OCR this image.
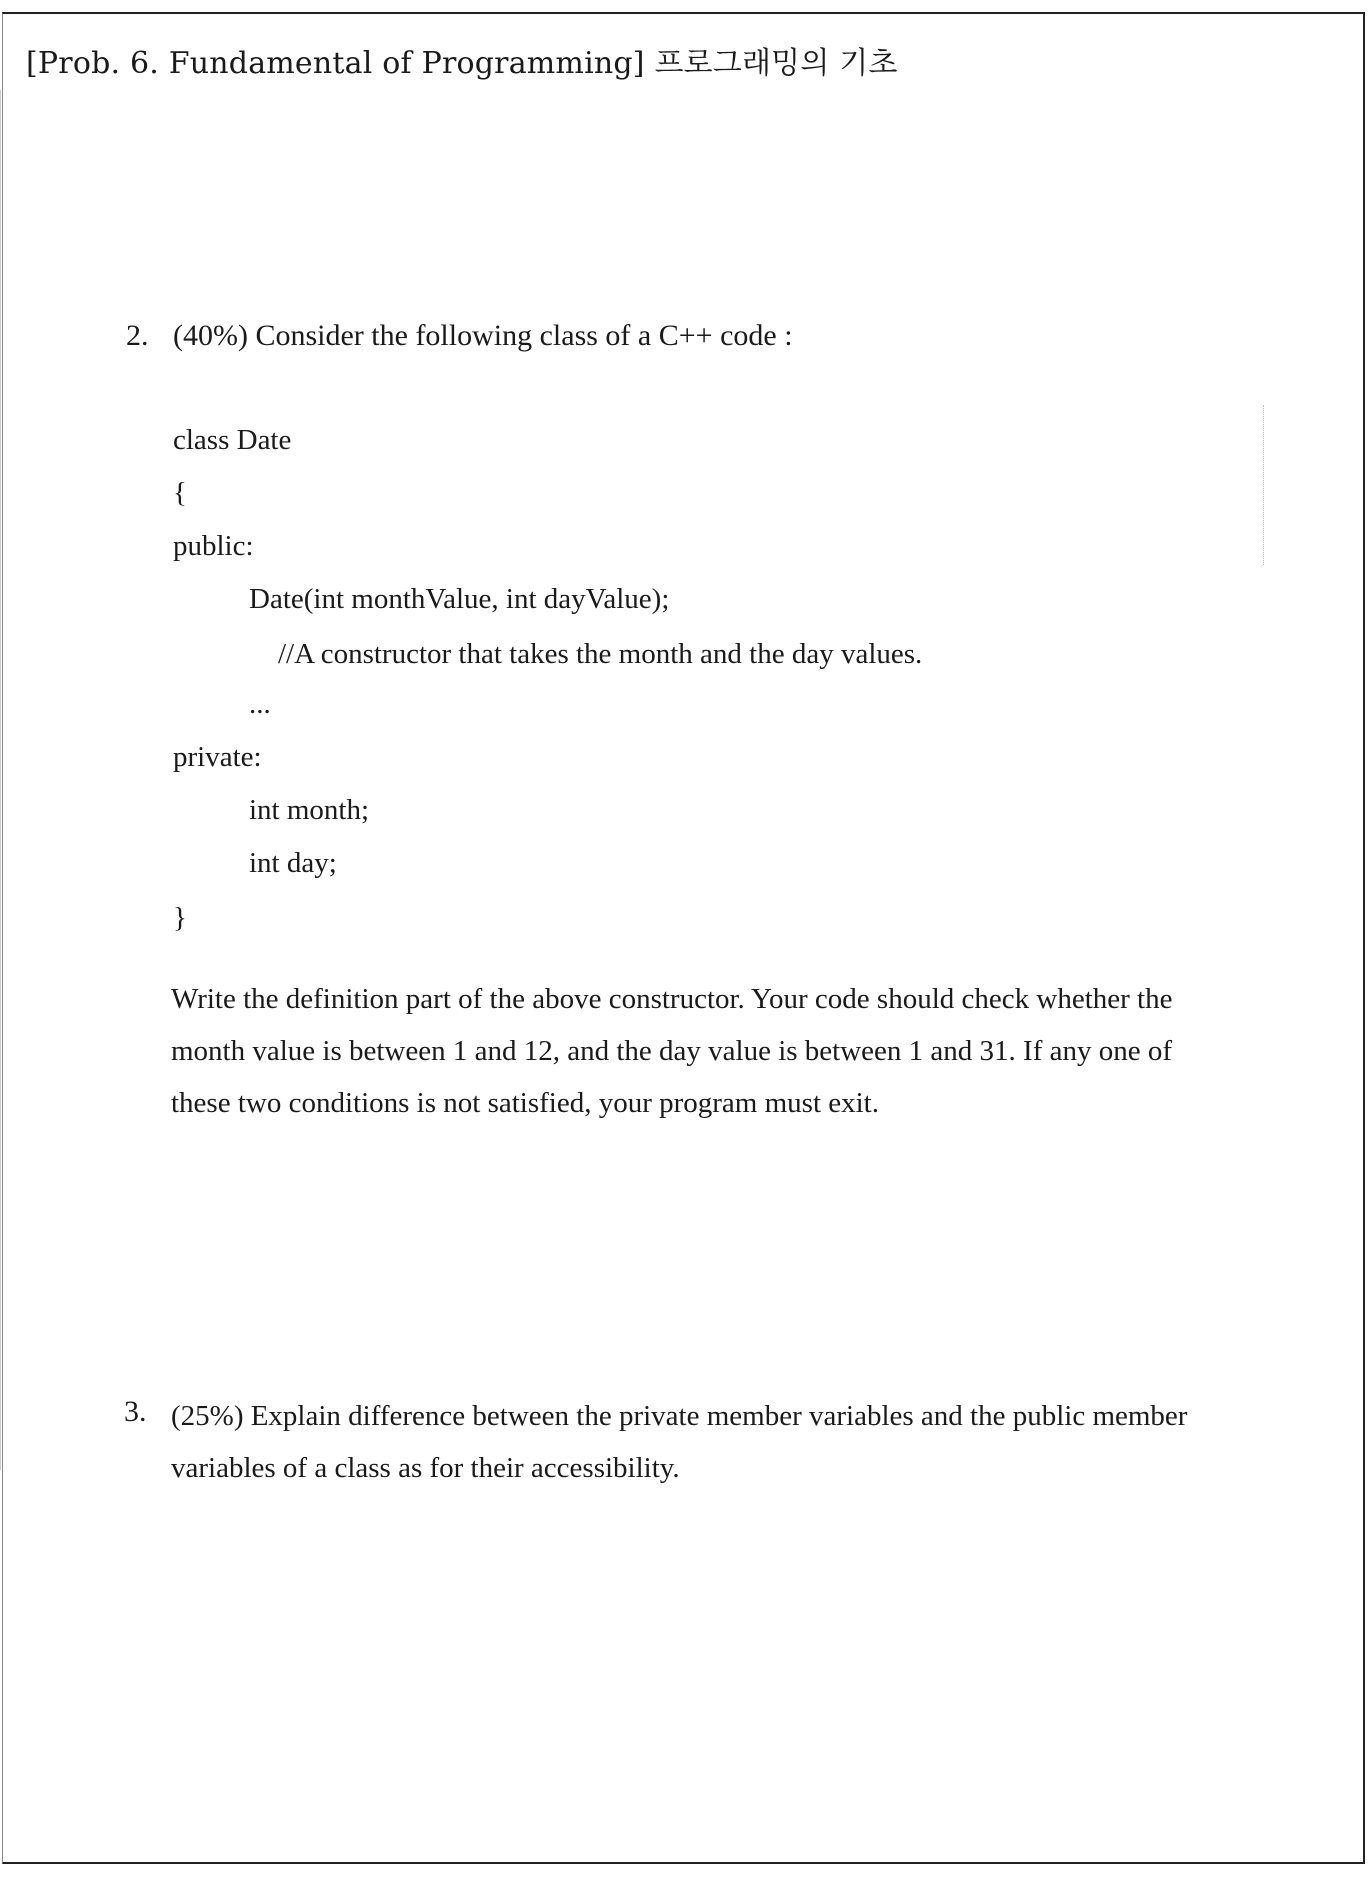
[Prob. 6. Fundamental of Programming] 프로그래밍의 기초
2. (40%) Consider the following class of a C++ code :
class Date
{
public:
Date(int monthValue, int dayValue);
//A constructor that takes the month and the day values.
...
private:
int month;
int day;
}
Write the definition part of the above constructor. Your code should check whether the
month value is between 1 and 12, and the day value is between 1 and 31. If any one of
these two conditions is not satisfied, your program must exit.
3. (25%) Explain difference between the private member variables and the public member
variables of a class as for their accessibility.
